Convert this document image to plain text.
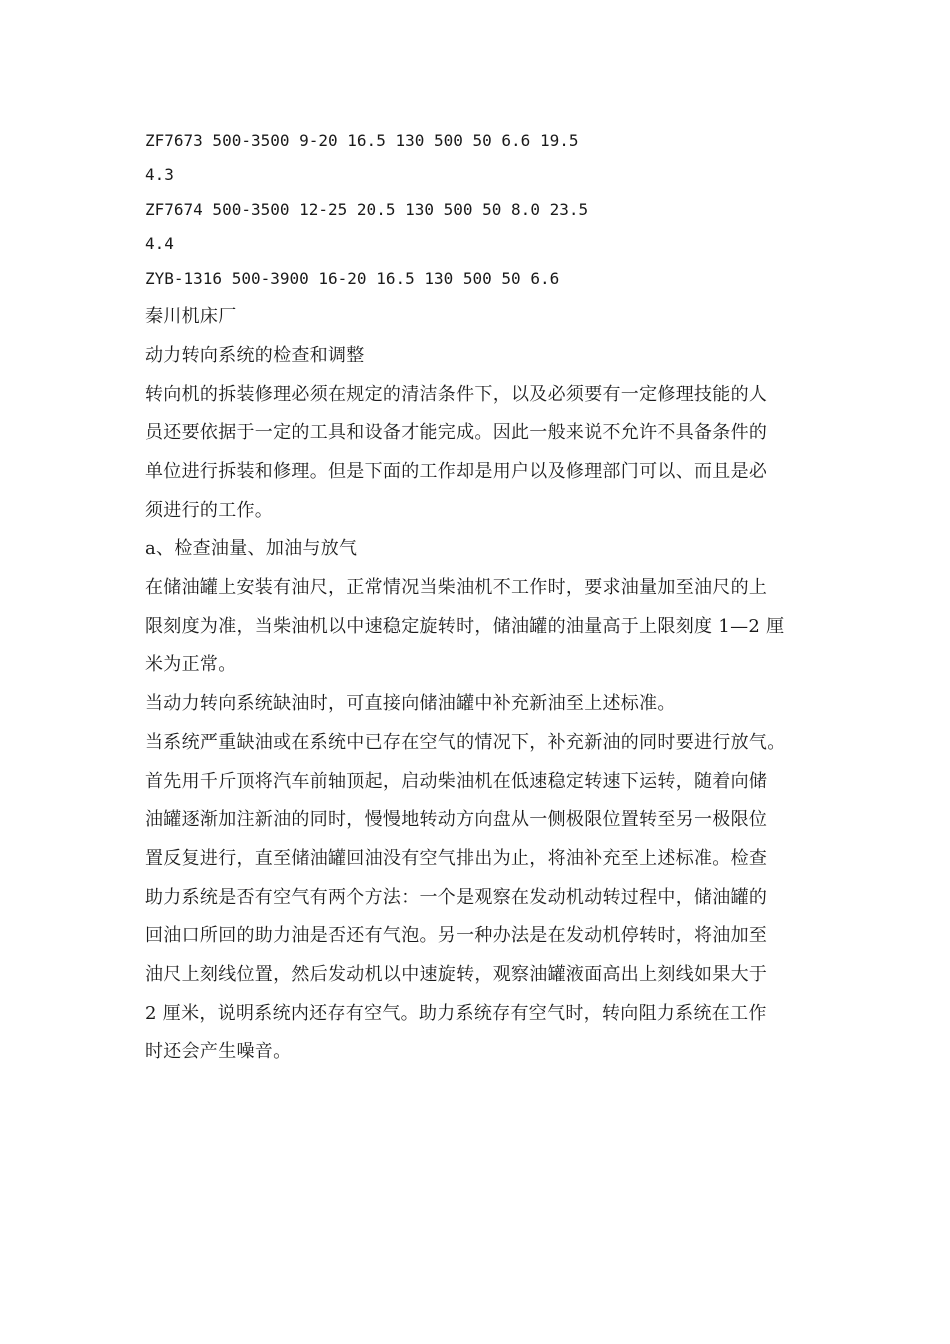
ZF7673 500-3500 9-20 16.5 130 500 50 6.6 19.5
4.3
ZF7674 500-3500 12-25 20.5 130 500 50 8.0 23.5
4.4
ZYB-1316 500-3900 16-20 16.5 130 500 50 6.6
秦川机床厂
动力转向系统的检查和调整
转向机的拆装修理必须在规定的清洁条件下，以及必须要有一定修理技能的人
员还要依据于一定的工具和设备才能完成。因此一般来说不允许不具备条件的
单位进行拆装和修理。但是下面的工作却是用户以及修理部门可以、而且是必
须进行的工作。
a、检查油量、加油与放气
在储油罐上安装有油尺，正常情况当柴油机不工作时，要求油量加至油尺的上
限刻度为准，当柴油机以中速稳定旋转时，储油罐的油量高于上限刻度 1—2 厘
米为正常。
当动力转向系统缺油时，可直接向储油罐中补充新油至上述标准。
当系统严重缺油或在系统中已存在空气的情况下，补充新油的同时要进行放气。
首先用千斤顶将汽车前轴顶起，启动柴油机在低速稳定转速下运转，随着向储
油罐逐渐加注新油的同时，慢慢地转动方向盘从一侧极限位置转至另一极限位
置反复进行，直至储油罐回油没有空气排出为止，将油补充至上述标准。检查
助力系统是否有空气有两个方法：一个是观察在发动机动转过程中，储油罐的
回油口所回的助力油是否还有气泡。另一种办法是在发动机停转时，将油加至
油尺上刻线位置，然后发动机以中速旋转，观察油罐液面高出上刻线如果大于
2 厘米，说明系统内还存有空气。助力系统存有空气时，转向阻力系统在工作
时还会产生噪音。
